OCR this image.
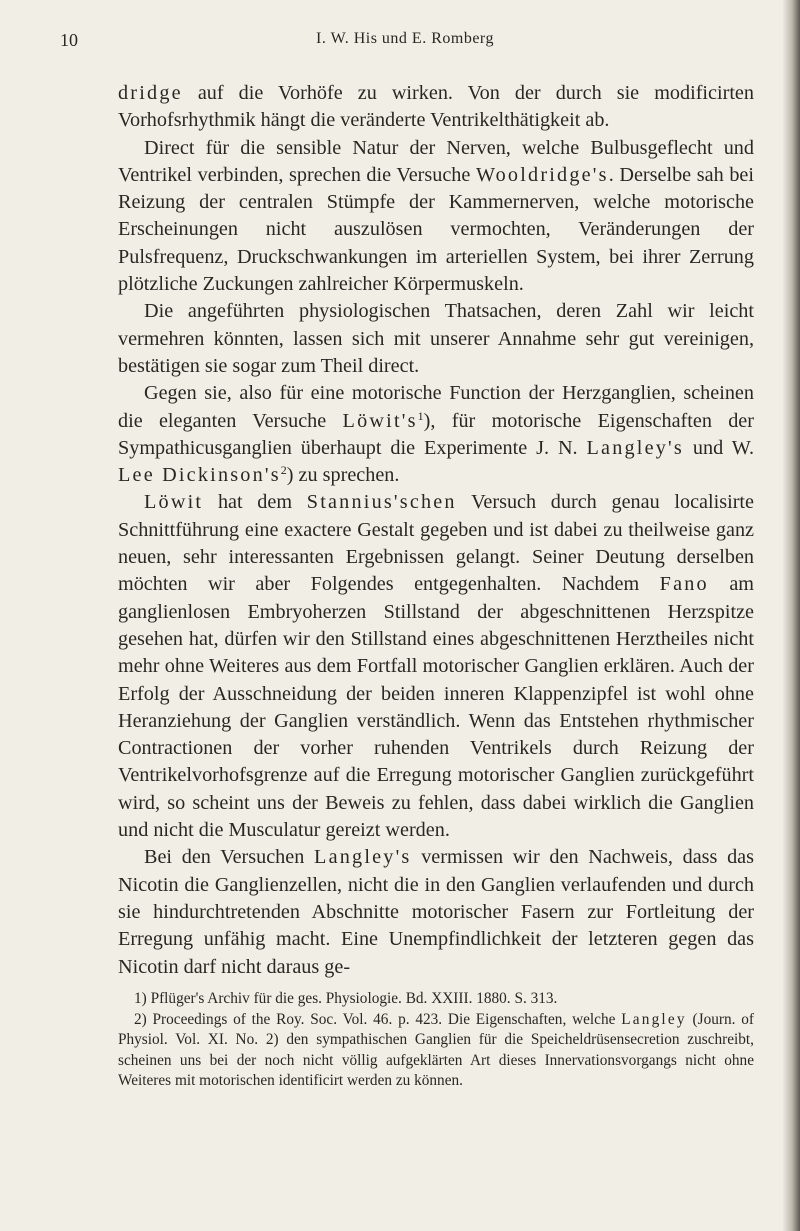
10	I. W. His und E. Romberg

dridge auf die Vorhöfe zu wirken. Von der durch sie modificirten Vorhofsrhythmik hängt die veränderte Ventrikelthätigkeit ab.

Direct für die sensible Natur der Nerven, welche Bulbusgeflecht und Ventrikel verbinden, sprechen die Versuche Wooldridge's. Derselbe sah bei Reizung der centralen Stümpfe der Kammernerven, welche motorische Erscheinungen nicht auszulösen vermochten, Veränderungen der Pulsfrequenz, Druckschwankungen im arteriellen System, bei ihrer Zerrung plötzliche Zuckungen zahlreicher Körpermuskeln.

Die angeführten physiologischen Thatsachen, deren Zahl wir leicht vermehren könnten, lassen sich mit unserer Annahme sehr gut vereinigen, bestätigen sie sogar zum Theil direct.

Gegen sie, also für eine motorische Function der Herzganglien, scheinen die eleganten Versuche $Löwit's^1$), für motorische Eigenschaften der Sympathicusganglien überhaupt die Experimente J. N. Langley's und W. Lee $Dickinson's^2$) zu sprechen.

Löwit hat dem Stannius'schen Versuch durch genau localisirte Schnittführung eine exactere Gestalt gegeben und ist dabei zu theilweise ganz neuen, sehr interessanten Ergebnissen gelangt. Seiner Deutung derselben möchten wir aber Folgendes entgegenhalten. Nachdem Fano am ganglienlosen Embryoherzen Stillstand der abgeschnittenen Herzspitze gesehen hat, dürfen wir den Stillstand eines abgeschnittenen Herztheiles nicht mehr ohne Weiteres aus dem Fortfall motorischer Ganglien erklären. Auch der Erfolg der Ausschneidung der beiden inneren Klappenzipfel ist wohl ohne Heranziehung der Ganglien verständlich. Wenn das Entstehen rhythmischer Contractionen der vorher ruhenden Ventrikels durch Reizung der Ventrikelvorhofsgrenze auf die Erregung motorischer Ganglien zurückgeführt wird, so scheint uns der Beweis zu fehlen, dass dabei wirklich die Ganglien und nicht die Musculatur gereizt werden.

Bei den Versuchen Langley's vermissen wir den Nachweis, dass das Nicotin die Ganglienzellen, nicht die in den Ganglien verlaufenden und durch sie hindurchtretenden Abschnitte motorischer Fasern zur Fortleitung der Erregung unfähig macht. Eine Unempfindlichkeit der letzteren gegen das Nicotin darf nicht daraus ge-

1) Pflüger's Archiv für die ges. Physiologie. Bd. XXIII. 1880. S. 313.

2) Proceedings of the Roy. Soc. Vol. 46. p. 423. Die Eigenschaften, welche Langley (Journ. of Physiol. Vol. XI. No. 2) den sympathischen Ganglien für die Speicheldrüsensecretion zuschreibt, scheinen uns bei der noch nicht völlig aufgeklärten Art dieses Innervationsvorgangs nicht ohne Weiteres mit motorischen identificirt werden zu können.
